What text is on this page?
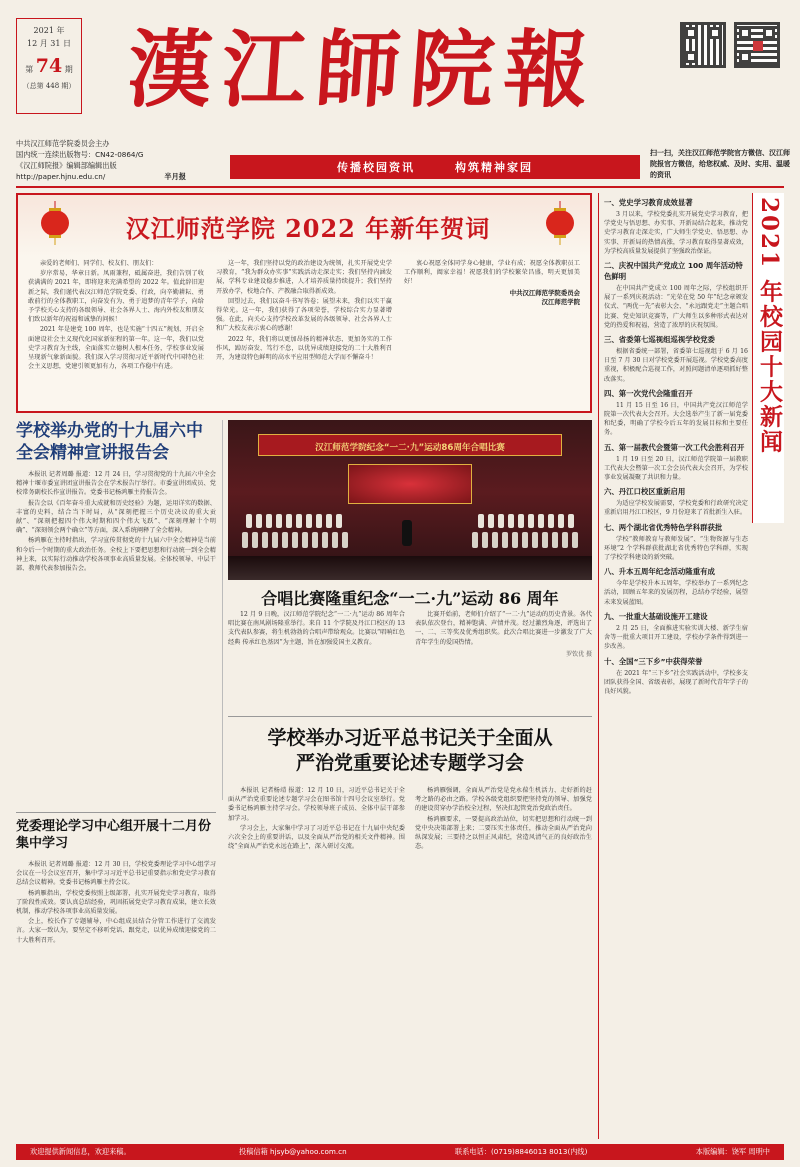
2021 年
12 月 31 日
第 74 期
（总第 448 期） 漢江師院報
中共汉江师范学院委员会主办
国内统一连续出版物号：CN42-0864/G
《汉江师院报》编辑部编辑出版
http://paper.hjnu.edu.cn/	半月报
传播校园资讯	构筑精神家园
扫一扫，关注汉江师范学院官方微信、汉江师院报官方微信，给您权威、及时、实用、温暖的资讯
汉江师范学院 2022 年新年贺词

亲爱的老师们、同学们、校友们、朋友们：

岁序常易，华章日新。凤雨兼程，砥属奋进，我们告别了收获满满的 2021 年，即将迎来充满希望的 2022 年。值此辞旧迎新之际，我们谨代表汉江师范学院党委、行政，向辛勤耕耘、勇敢前行的全体教职工，向奋发有为、勇于追梦的青年学子，向给予学校关心支持的各级领导、社会各界人士、海内外校友和朋友们致以新年的祝福和诚挚的问候！

2021 年是建党 100 周年，也是实施“十四五”规划、开启全面建设社会主义现代化国家新征程的第一年。这一年，我们以党史学习教育为主线，全面落实立德树人根本任务，学校事业发展呈现新气象新面貌。我们深入学习贯彻习近平新时代中国特色社会主义思想，党建引领更加有力，各项工作稳中有进。

这一年，我们坚持以党的政治建设为统领，扎实开展党史学习教育，“我为群众办实事”实践活动走深走实；我们坚持内涵发展，学科专业建设稳步推进，人才培养质量持续提升；我们坚持开放办学，校地合作、产教融合取得新成效。

回望过去，我们以奋斗书写答卷；展望未来，我们以实干赢得荣光。这一年，我们获得了各项荣誉，学校综合实力显著增强。在此，向关心支持学校改革发展的各级领导、社会各界人士和广大校友表示衷心的感谢！

2022 年，我们将以更加昂扬的精神状态、更加务实的工作作风，踔厉奋发、笃行不怠，以优异成绩迎接党的二十大胜利召开，为建设特色鲜明的高水平应用型师范大学而不懈奋斗！

衷心祝愿全体同学身心健康，学业有成；祝愿全体教职员工工作顺利，阖家幸福！祝愿我们的学校繁荣昌盛，明天更加美好！

中共汉江师范学院委员会
汉江师范学院
学校举办党的十九届六中全会精神宣讲报告会

本报讯 记者周璐 报道：12 月 24 日，学习贯彻党的十九届六中全会精神十堰市委宣讲团宣讲报告会在学术报告厅举行。市委宣讲团成员、党校常务副校长作宣讲报告。党委书记杨鸿雁主持报告会。

报告会以《百年奋斗重大成就和历史经验》为题，运用详实的数据、丰富的史料，结合当下时局，从“深刻把握三个历史决议的重大贡献”、“深刻把握四个伟大时期和四个伟大飞跃”、“深刻理解十个明确”、“深刻领会两个确立”等方面，深入系统阐释了全会精神。

杨鸿雁在主持时指出，学习宣传贯彻党的十九届六中全会精神是当前和今后一个时期的重大政治任务。全校上下要把思想和行动统一到全会精神上来，以实际行动推动学校各项事业高质量发展。全体校领导、中层干部、教师代表参加报告会。

汉江师范学院纪念“一二·九”运动86周年合唱比赛
合唱比赛隆重纪念“一二·九”运动 86 周年

12 月 9 日晚，汉江师范学院纪念“一二·九”运动 86 周年合唱比赛在南风剧场隆重举行。来自 11 个学院及丹江口校区的 13 支代表队参赛，将生机勃勃的合唱声带给观众。比赛以“唱响红色经典 传承红色基因”为主题，旨在加强爱国主义教育。

比赛开始前，老师们介绍了“一二·九”运动的历史背景。各代表队依次登台，精神饱满、声情并茂。经过激烈角逐，评选出了一、二、三等奖及优秀组织奖。此次合唱比赛进一步激发了广大青年学生的爱国热情。

罗钦优 摄
党委理论学习中心组开展十二月份集中学习

本报讯 记者周璐 报道：12 月 30 日，学校党委理论学习中心组学习会议在一号会议室召开，集中学习习近平总书记重要指示和党史学习教育总结会议精神。党委书记杨鸿雁主持会议。

杨鸿雁指出，学校党委按照上级部署，扎实开展党史学习教育，取得了阶段性成效。要认真总结经验，巩固拓展党史学习教育成果，建立长效机制，推动学校各项事业高质量发展。

会上，校长作了专题辅导，中心组成员结合分管工作进行了交流发言。大家一致认为，要坚定不移听党话、跟党走，以优异成绩迎接党的二十大胜利召开。

学校举办习近平总书记关于全面从严治党重要论述专题学习会

本报讯 记者杨靖 报道：12 月 10 日，习近平总书记关于全面从严治党重要论述专题学习会在图书馆十四号会议室举行。党委书记杨鸿雁主持学习会。学校领导班子成员、全体中层干部参加学习。

学习会上，大家集中学习了习近平总书记在十九届中央纪委六次全会上的重要讲话，以及全面从严治党的相关文件精神。围绕“全面从严治党永远在路上”，深入研讨交流。

杨鸿雁强调，全面从严治党是党永葆生机活力、走好新的赶考之路的必由之路。学校各级党组织要把坚持党的领导、加强党的建设贯穿办学治校全过程，坚决扛起管党治党政治责任。

杨鸿雁要求，一要提高政治站位，切实把思想和行动统一到党中央决策部署上来；二要压实主体责任，推动全面从严治党向纵深发展；三要持之以恒正风肃纪，营造风清气正的良好政治生态。

2021 年校园十大新闻
一、党史学习教育成效显著

3 月以来，学校党委扎实开展党史学习教育，把学党史与悟思想、办实事、开新局结合起来，推动党史学习教育走深走实，广大师生学党史、悟思想、办实事、开新局的热情高涨，学习教育取得显著成效，为学校高质量发展提供了坚强政治保证。

二、庆祝中国共产党成立 100 周年活动特色鲜明

在中国共产党成立 100 周年之际，学校组织开展了一系列庆祝活动：“光荣在党 50 年”纪念章颁发仪式、“两优一先”表彰大会、“永远跟党走”主题合唱比赛、党史知识竞赛等，广大师生以多种形式表达对党的热爱和祝福，营造了浓厚的庆祝氛围。

三、省委第七巡视组巡视学校党委

根据省委统一部署，省委第七巡视组于 6 月 16 日至 7 月 30 日对学校党委开展巡视。学校党委高度重视，积极配合巡视工作，对照问题清单逐项抓好整改落实。

四、第一次党代会隆重召开

11 月 15 日至 16 日，中国共产党汉江师范学院第一次代表大会召开。大会选举产生了新一届党委和纪委，明确了学校今后五年的发展目标和主要任务。

五、第一届教代会暨第一次工代会胜利召开

1 月 19 日至 20 日，汉江师范学院第一届教职工代表大会暨第一次工会会员代表大会召开，为学校事业发展凝聚了共识和力量。

六、丹江口校区重新启用

为适应学校发展需要，学校党委和行政研究决定重新启用丹江口校区，9 月份迎来了首批新生入驻。

七、两个湖北省优秀特色学科群获批

学校“教师教育与教师发展”、“生物资源与生态环境”2 个学科群获批湖北省优秀特色学科群，实现了学校学科建设的新突破。

八、升本五周年纪念活动隆重有成

今年是学校升本五周年，学校举办了一系列纪念活动，回顾五年来的发展历程，总结办学经验，展望未来发展蓝图。

九、一批重大基础设施开工建设

2 月 25 日，全面推进实验实训大楼、新学生宿舍等一批重大项目开工建设，学校办学条件得到进一步改善。

十、全国“三下乡”中获得荣誉

在 2021 年“三下乡”社会实践活动中，学校多支团队获得全国、省级表彰，展现了新时代青年学子的良好风貌。

欢迎提供新闻信息，欢迎来稿。	投稿信箱 hjsyb@yahoo.com.cn	联系电话：(0719)8846013 8013(内线)	本版编辑：饶军 周明中
